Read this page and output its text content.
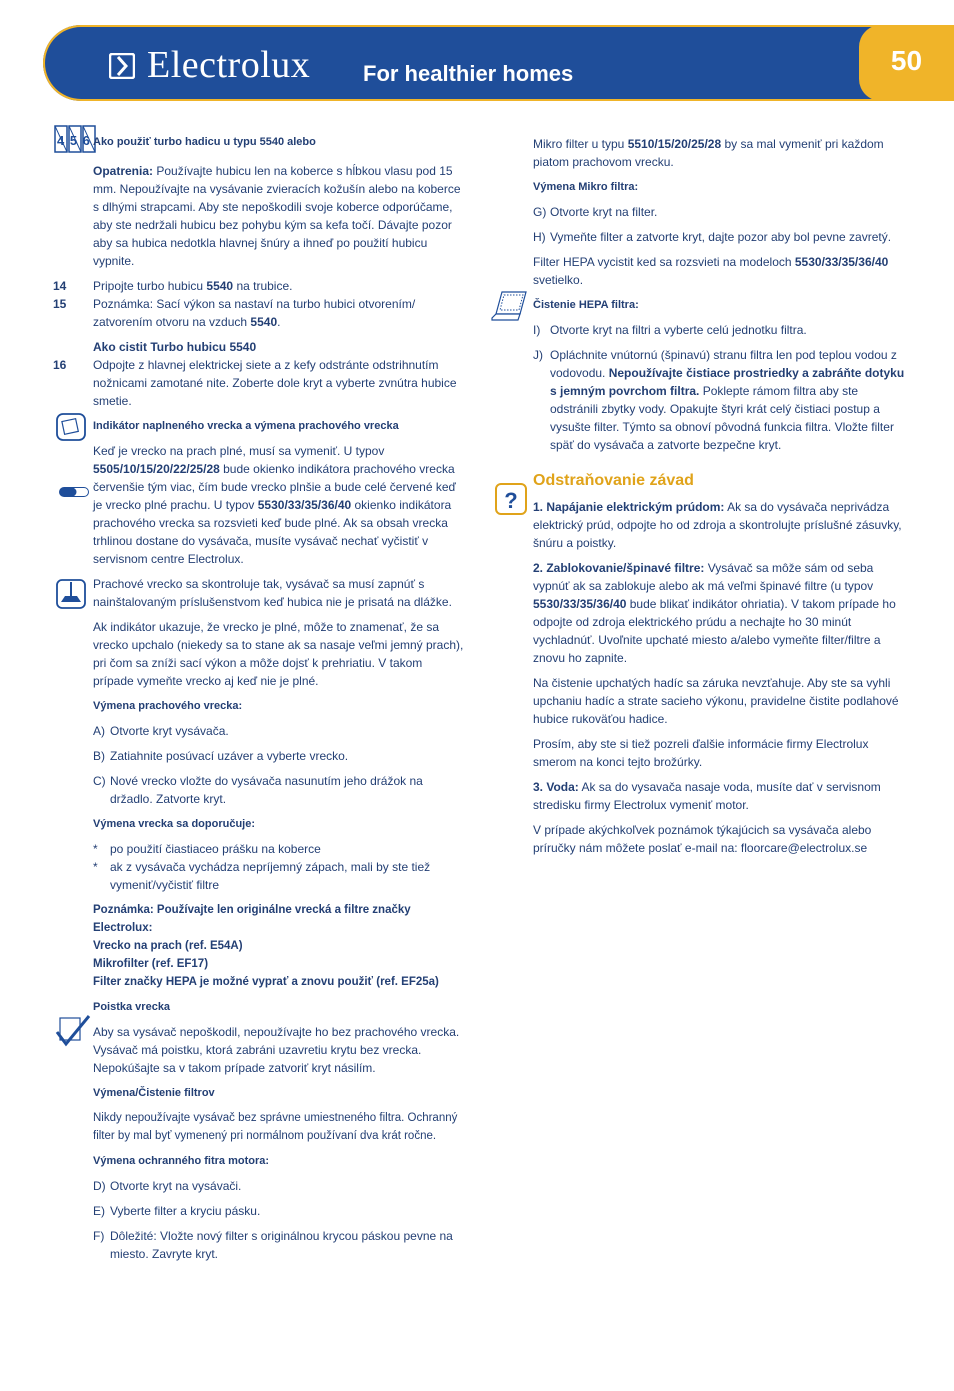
50
Electrolux For healthier homes
4 5 6
?

Ako použiť turbo hadicu u typu 5540 alebo

Opatrenia: Používajte hubicu len na koberce s hĺbkou vlasu pod 15 mm. Nepoužívajte na vysávanie zvieracích kožušín alebo na koberce s dlhými strapcami. Aby ste nepoškodili svoje koberce odporúčame, aby ste nedržali hubicu bez pohybu kým sa kefa točí. Dávajte pozor aby sa hubica nedotkla hlavnej šnúry a ihneď po použití hubicu vypnite.

14 Pripojte turbo hubicu 5540 na trubice.

15 Poznámka: Sací výkon sa nastaví na turbo hubici otvorením/ zatvorením otvoru na vzduch 5540.

Ako cistit Turbo hubicu 5540

16 Odpojte z hlavnej elektrickej siete a z kefy odstránte odstrihnutím nožnicami zamotané nite. Zoberte dole kryt a vyberte zvnútra hubice smetie.

Indikátor naplneného vrecka a výmena prachového vrecka

Keď je vrecko na prach plné, musí sa vymeniť. U typov 5505/10/15/20/22/25/28 bude okienko indikátora prachového vrecka červenšie tým viac, čím bude vrecko plnšie a bude celé červené keď je vrecko plné prachu. U typov 5530/33/35/36/40 okienko indikátora prachového vrecka sa rozsvieti keď bude plné. Ak sa obsah vrecka trhlinou dostane do vysávača, musíte vysávač nechať vyčistiť v servisnom centre Electrolux.

Prachové vrecko sa skontroluje tak, vysávač sa musí zapnúť s nainštalovaným príslušenstvom keď hubica nie je prisatá na dlážke.

Ak indikátor ukazuje, že vrecko je plné, môže to znamenať, že sa vrecko upchalo (niekedy sa to stane ak sa nasaje veľmi jemný prach), pri čom sa zníži sací výkon a môže dojsť k prehriatiu. V takom prípade vymeňte vrecko aj keď nie je plné.

Výmena prachového vrecka:

A) Otvorte kryt vysávača.
B) Zatiahnite posúvací uzáver a vyberte vrecko.
C) Nové vrecko vložte do vysávača nasunutím jeho drážok na držadlo. Zatvorte kryt.

Výmena vrecka sa doporučuje:

* po použití čiastiaceo prášku na koberce
* ak z vysávača vychádza nepríjemný zápach, mali by ste tiež vymeniť/vyčistiť filtre
Poznámka: Používajte len originálne vrecká a filtre značky Electrolux:
Vrecko na prach (ref. E54A)
Mikrofilter (ref. EF17)
Filter značky HEPA je možné vyprať a znovu použiť (ref. EF25a)

Poistka vrecka

Aby sa vysávač nepoškodil, nepoužívajte ho bez prachového vrecka. Vysávač má poistku, ktorá zabráni uzavretiu krytu bez vrecka. Nepokúšajte sa v takom prípade zatvoriť kryt násilím.

Výmena/Čistenie filtrov

Nikdy nepoužívajte vysávač bez správne umiestneného filtra. Ochranný filter by mal byť vymenený pri normálnom používaní dva krát ročne.

Výmena ochranného fitra motora:

D) Otvorte kryt na vysávači.
E) Vyberte filter a kryciu pásku.
F) Dôležité: Vložte nový filter s originálnou krycou páskou pevne na miesto. Zavryte kryt.

Mikro filter u typu 5510/15/20/25/28 by sa mal vymeniť pri každom piatom prachovom vrecku.

Výmena Mikro filtra:

G) Otvorte kryt na filter.
H) Vymeňte filter a zatvorte kryt, dajte pozor aby bol pevne zavretý.

Filter HEPA vycistit ked sa rozsvieti na modeloch 5530/33/35/36/40 svetielko.

Čistenie HEPA filtra:

I) Otvorte kryt na filtri a vyberte celú jednotku filtra.
J) Opláchnite vnútornú (špinavú) stranu filtra len pod teplou vodou z vodovodu. Nepoužívajte čistiace prostriedky a zabráňte dotyku s jemným povrchom filtra. Poklepte rámom filtra aby ste odstránili zbytky vody. Opakujte štyri krát celý čistiaci postup a vysušte filter. Týmto sa obnoví pôvodná funkcia filtra. Vložte filter späť do vysávača a zatvorte bezpečne kryt.
Odstraňovanie závad

1. Napájanie elektrickým prúdom: Ak sa do vysávača neprivádza elektrický prúd, odpojte ho od zdroja a skontrolujte príslušné zásuvky, šnúru a poistky.

2. Zablokovanie/špinavé filtre: Vysávač sa môže sám od seba vypnúť ak sa zablokuje alebo ak má veľmi špinavé filtre (u typov 5530/33/35/36/40 bude blikať indikátor ohriatia). V takom prípade ho odpojte od zdroja elektrického prúdu a nechajte ho 30 minút vychladnúť. Uvoľnite upchaté miesto a/alebo vymeňte filter/filtre a znovu ho zapnite.

Na čistenie upchatých hadíc sa záruka nevzťahuje. Aby ste sa vyhli upchaniu hadíc a strate sacieho výkonu, pravidelne čistite podlahové hubice rukoväťou hadice.

Prosím, aby ste si tiež pozreli ďalšie informácie firmy Electrolux smerom na konci tejto brožúrky.

3. Voda: Ak sa do vysavača nasaje voda, musíte dať v servisnom stredisku firmy Electrolux vymeniť motor.

V prípade akýchkoľvek poznámok týkajúcich sa vysávača alebo príručky nám môžete poslať e-mail na: floorcare@electrolux.se
